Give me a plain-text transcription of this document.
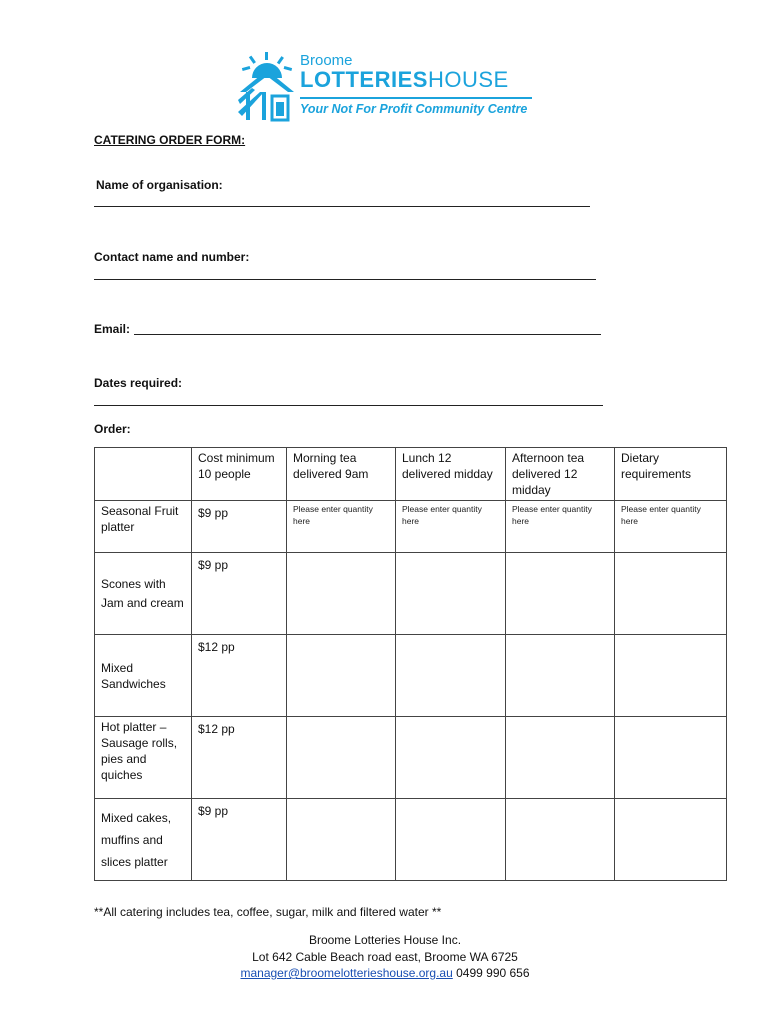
Broome
LOTTERIESHOUSE
Your Not For Profit Community Centre
CATERING ORDER FORM:
Name of organisation:
Contact name and number:
Email:
Dates required:
Order:
	Cost minimum 10 people	Morning tea delivered 9am	Lunch 12 delivered midday	Afternoon tea delivered 12 midday	Dietary requirements

Seasonal Fruit platter	$9 pp	Please enter quantity here	Please enter quantity here	Please enter quantity here	Please enter quantity here

Scones with Jam and cream	$9 pp				

Mixed Sandwiches	$12 pp				

Hot platter – Sausage rolls, pies and quiches	$12 pp				

Mixed cakes, muffins and slices platter	$9 pp				

**All catering includes tea, coffee, sugar, milk and filtered water **
Broome Lotteries House Inc.
Lot 642 Cable Beach road east, Broome WA 6725
manager@broomelotterieshouse.org.au 0499 990 656
